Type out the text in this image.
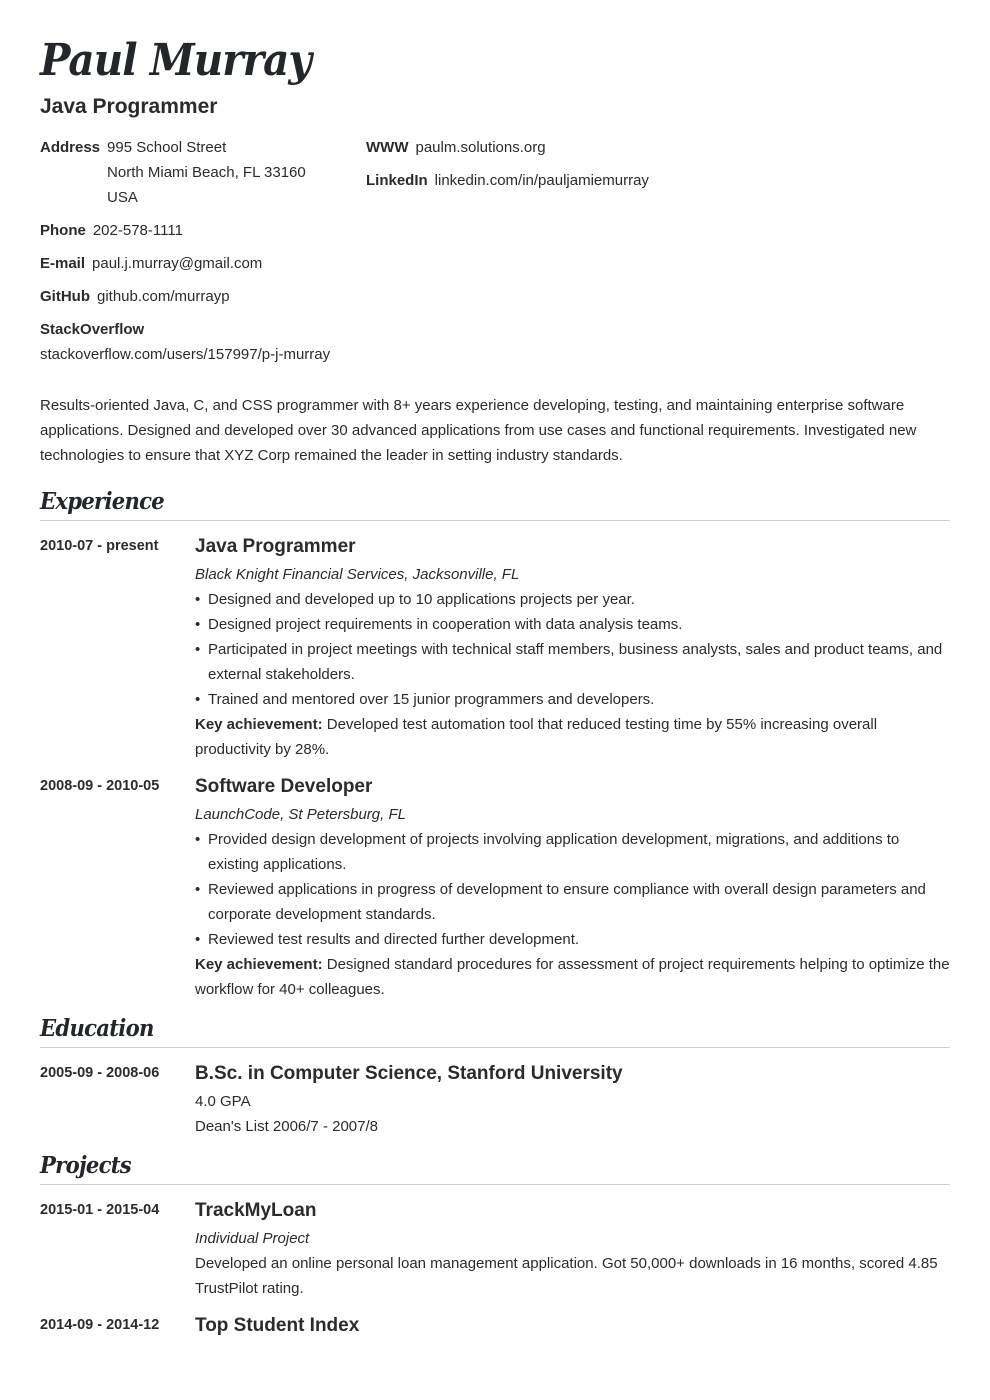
Paul Murray
Java Programmer
Address 995 School Street
North Miami Beach, FL 33160
USA
Phone 202-578-1111
E-mail paul.j.murray@gmail.com
GitHub github.com/murrayp
StackOverflow
stackoverflow.com/users/157997/p-j-murray
WWW paulm.solutions.org
LinkedIn linkedin.com/in/pauljamiemurray
Results-oriented Java, C, and CSS programmer with 8+ years experience developing, testing, and maintaining enterprise software applications. Designed and developed over 30 advanced applications from use cases and functional requirements. Investigated new technologies to ensure that XYZ Corp remained the leader in setting industry standards.
Experience
2010-07 - present	Java Programmer
Black Knight Financial Services, Jacksonville, FL
• Designed and developed up to 10 applications projects per year.
• Designed project requirements in cooperation with data analysis teams.
• Participated in project meetings with technical staff members, business analysts, sales and product teams, and external stakeholders.
• Trained and mentored over 15 junior programmers and developers.
Key achievement: Developed test automation tool that reduced testing time by 55% increasing overall productivity by 28%.
2008-09 - 2010-05	Software Developer
LaunchCode, St Petersburg, FL
• Provided design development of projects involving application development, migrations, and additions to existing applications.
• Reviewed applications in progress of development to ensure compliance with overall design parameters and corporate development standards.
• Reviewed test results and directed further development.
Key achievement: Designed standard procedures for assessment of project requirements helping to optimize the workflow for 40+ colleagues.
Education
2005-09 - 2008-06	B.Sc. in Computer Science, Stanford University
4.0 GPA
Dean's List 2006/7 - 2007/8
Projects
2015-01 - 2015-04	TrackMyLoan
Individual Project
Developed an online personal loan management application. Got 50,000+ downloads in 16 months, scored 4.85 TrustPilot rating.
2014-09 - 2014-12	Top Student Index
